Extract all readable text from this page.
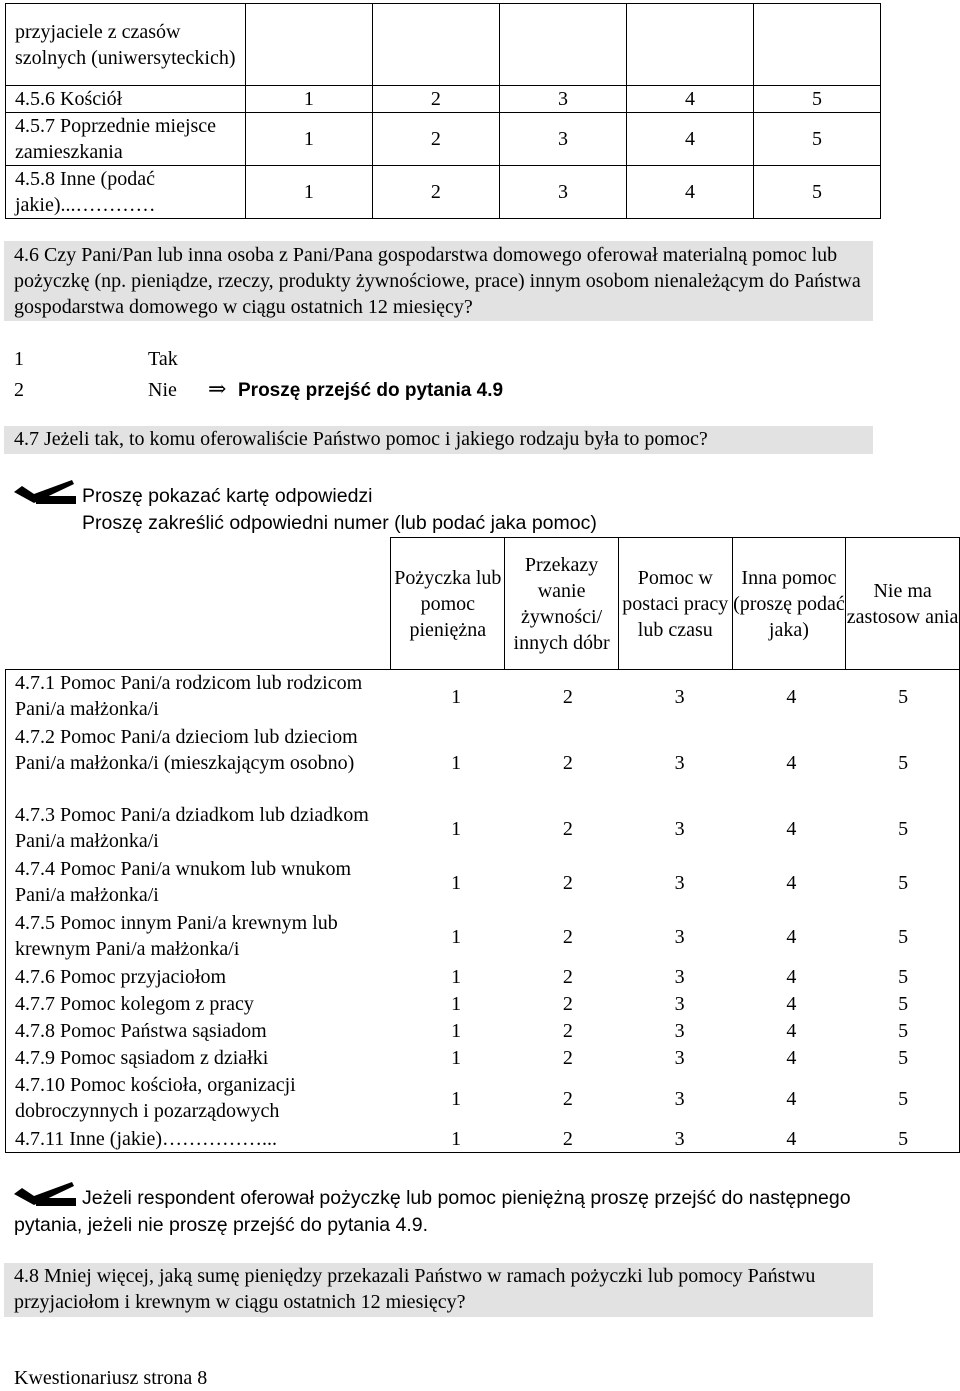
przyjaciele z czasów szolnych (uniwersyteckich)					
4.5.6 Kościół	1	2	3	4	5
4.5.7 Poprzednie miejsce zamieszkania	1	2	3	4	5
4.5.8 Inne (podać jakie)...…………	1	2	3	4	5
4.6 Czy Pani/Pan lub inna osoba z Pani/Pana gospodarstwa domowego oferował materialną pomoc lub pożyczkę (np. pieniądze, rzeczy, produkty żywnościowe, prace) innym osobom nienależącym do Państwa gospodarstwa domowego w ciągu ostatnich 12 miesięcy?
1	Tak
2	Nie ⇒ Proszę przejść do pytania 4.9
4.7 Jeżeli tak, to komu oferowaliście Państwo pomoc i jakiego rodzaju była to pomoc?
Proszę pokazać kartę odpowiedzi
Proszę zakreślić odpowiedni numer (lub podać jaka pomoc)
	Pożyczka lub pomoc pieniężna	Przekazy wanie żywności/ innych dóbr	Pomoc w postaci pracy lub czasu	Inna pomoc (proszę podać jaka)	Nie ma zastosow ania
4.7.1 Pomoc Pani/a rodzicom lub rodzicom Pani/a małżonka/i	1	2	3	4	5
4.7.2 Pomoc Pani/a dzieciom lub dzieciom Pani/a małżonka/i (mieszkającym osobno)	1	2	3	4	5
4.7.3 Pomoc Pani/a dziadkom lub dziadkom Pani/a małżonka/i	1	2	3	4	5
4.7.4 Pomoc Pani/a wnukom lub wnukom Pani/a małżonka/i	1	2	3	4	5
4.7.5 Pomoc innym Pani/a krewnym lub krewnym Pani/a małżonka/i	1	2	3	4	5
4.7.6 Pomoc przyjaciołom	1	2	3	4	5
4.7.7 Pomoc kolegom z pracy	1	2	3	4	5
4.7.8 Pomoc Państwa sąsiadom	1	2	3	4	5
4.7.9 Pomoc sąsiadom z działki	1	2	3	4	5
4.7.10 Pomoc kościoła, organizacji dobroczynnych i pozarządowych	1	2	3	4	5
4.7.11 Inne (jakie)……………...	1	2	3	4	5
Jeżeli respondent oferował pożyczkę lub pomoc pieniężną proszę przejść do następnego pytania, jeżeli nie proszę przejść do pytania 4.9.
4.8 Mniej więcej, jaką sumę pieniędzy przekazali Państwo w ramach pożyczki lub pomocy Państwu przyjaciołom i krewnym w ciągu ostatnich 12 miesięcy?
Kwestionariusz strona 8
